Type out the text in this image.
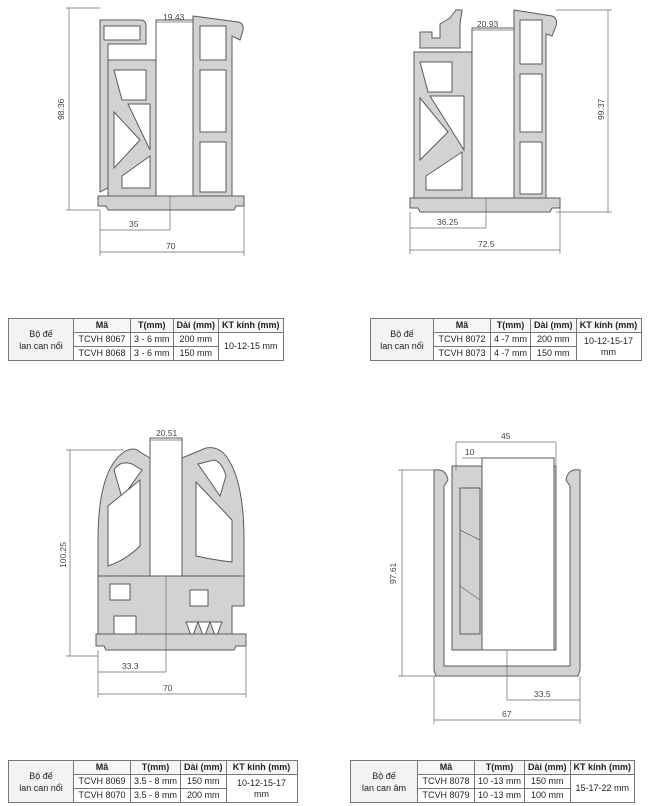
19.43
98.36
35
70
20.93
99.37
36.25
72.5
20.51
100.25
33.3
70
45
10
97.61
33.5
67
Bộ đế
lan can nổi	Mã	T(mm)	Dài (mm)	KT kính (mm)
	TCVH 8067	3 - 6 mm	200 mm	10-12-15 mm
	TCVH 8068	3 - 6 mm	150 mm	
Bộ đế
lan can nổi	Mã	T(mm)	Dài (mm)	KT kính (mm)
	TCVH 8072	4 -7 mm	200 mm	10-12-15-17 mm
	TCVH 8073	4 -7 mm	150 mm	
Bộ đế
lan can nổi	Mã	T(mm)	Dài (mm)	KT kính (mm)
	TCVH 8069	3.5 - 8 mm	150 mm	10-12-15-17 mm
	TCVH 8070	3.5 - 8 mm	200 mm	
Bộ đế
lan can âm	Mã	T(mm)	Dài (mm)	KT kính (mm)
	TCVH 8078	10 -13 mm	150 mm	15-17-22 mm
	TCVH 8079	10 -13 mm	100 mm	
